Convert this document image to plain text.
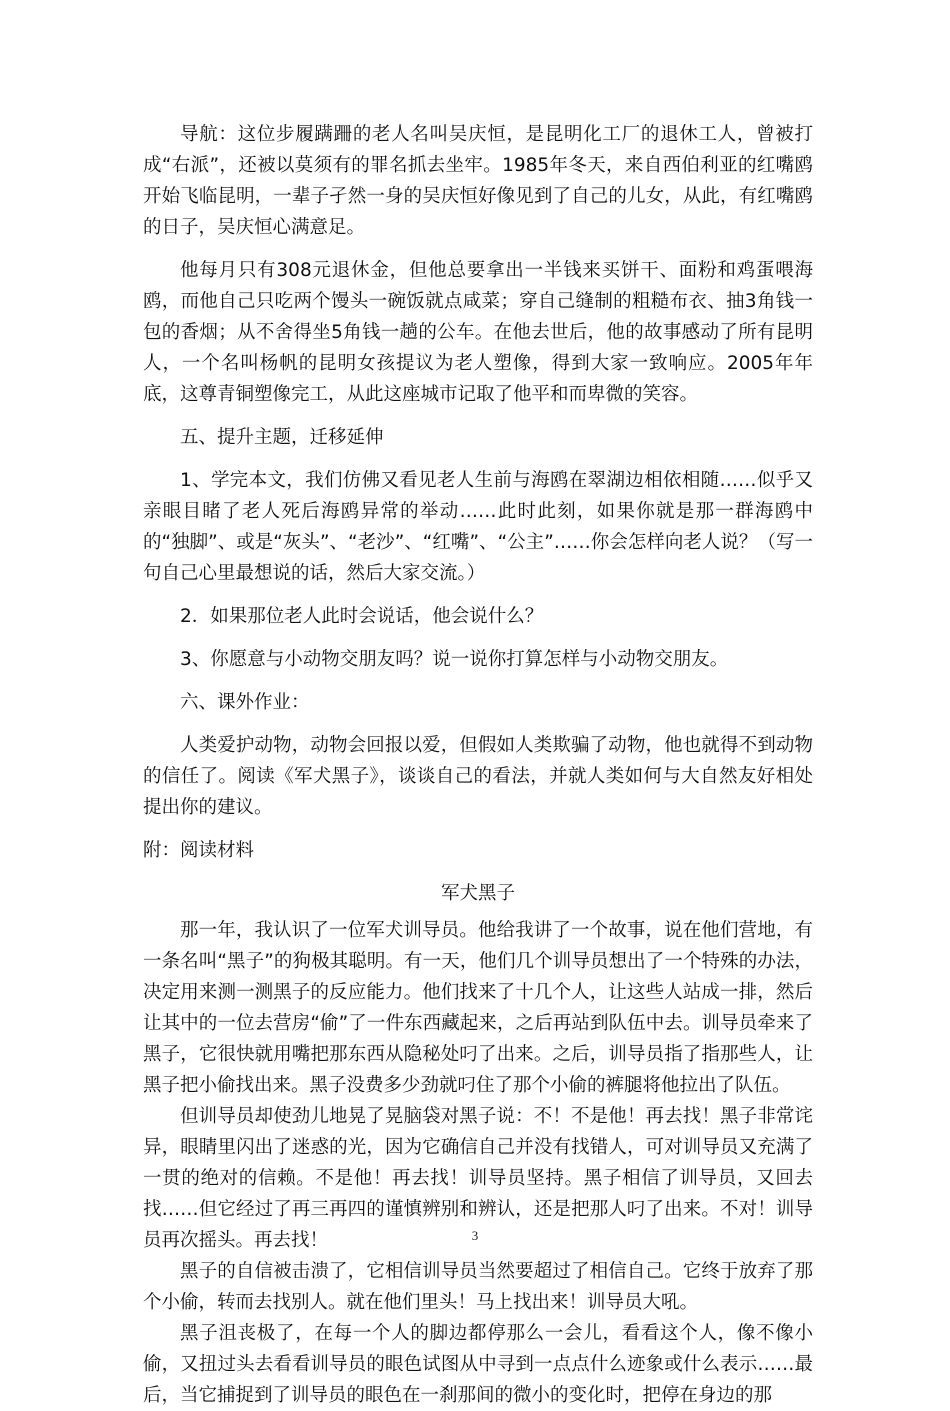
导航：这位步履蹒跚的老人名叫吴庆恒，是昆明化工厂的退休工人，曾被打成“右派”，还被以莫须有的罪名抓去坐牢。1985年冬天，来自西伯利亚的红嘴鸥开始飞临昆明，一辈子孑然一身的吴庆恒好像见到了自己的儿女，从此，有红嘴鸥的日子，吴庆恒心满意足。

他每月只有308元退休金，但他总要拿出一半钱来买饼干、面粉和鸡蛋喂海鸥，而他自己只吃两个馒头一碗饭就点咸菜；穿自己缝制的粗糙布衣、抽3角钱一包的香烟；从不舍得坐5角钱一趟的公车。在他去世后，他的故事感动了所有昆明人，一个名叫杨帆的昆明女孩提议为老人塑像，得到大家一致响应。2005年年底，这尊青铜塑像完工，从此这座城市记取了他平和而卑微的笑容。

五、提升主题，迁移延伸

1、学完本文，我们仿佛又看见老人生前与海鸥在翠湖边相依相随……似乎又亲眼目睹了老人死后海鸥异常的举动……此时此刻，如果你就是那一群海鸥中的“独脚”、或是“灰头”、“老沙”、“红嘴”、“公主”……你会怎样向老人说？（写一句自己心里最想说的话，然后大家交流。）

2．如果那位老人此时会说话，他会说什么？

3、你愿意与小动物交朋友吗？说一说你打算怎样与小动物交朋友。

六、课外作业：

人类爱护动物，动物会回报以爱，但假如人类欺骗了动物，他也就得不到动物的信任了。阅读《军犬黑子》，谈谈自己的看法，并就人类如何与大自然友好相处提出你的建议。

附：阅读材料

军犬黑子

那一年，我认识了一位军犬训导员。他给我讲了一个故事，说在他们营地，有一条名叫“黑子”的狗极其聪明。有一天，他们几个训导员想出了一个特殊的办法，决定用来测一测黑子的反应能力。他们找来了十几个人，让这些人站成一排，然后让其中的一位去营房“偷”了一件东西藏起来，之后再站到队伍中去。训导员牵来了黑子，它很快就用嘴把那东西从隐秘处叼了出来。之后，训导员指了指那些人，让黑子把小偷找出来。黑子没费多少劲就叼住了那个小偷的裤腿将他拉出了队伍。

但训导员却使劲儿地晃了晃脑袋对黑子说：不！不是他！再去找！黑子非常诧异，眼睛里闪出了迷惑的光，因为它确信自己并没有找错人，可对训导员又充满了一贯的绝对的信赖。不是他！再去找！训导员坚持。黑子相信了训导员，又回去找……但它经过了再三再四的谨慎辨别和辨认，还是把那人叼了出来。不对！训导员再次摇头。再去找！

黑子的自信被击溃了，它相信训导员当然要超过了相信自己。它终于放弃了那个小偷，转而去找别人。就在他们里头！马上找出来！训导员大吼。

黑子沮丧极了，在每一个人的脚边都停那么一会儿，看看这个人，像不像小偷，又扭过头去看看训导员的眼色试图从中寻到一点点什么迹象或什么表示……最后，当它捕捉到了训导员的眼色在一刹那间的微小的变化时，把停在身边的那

3
